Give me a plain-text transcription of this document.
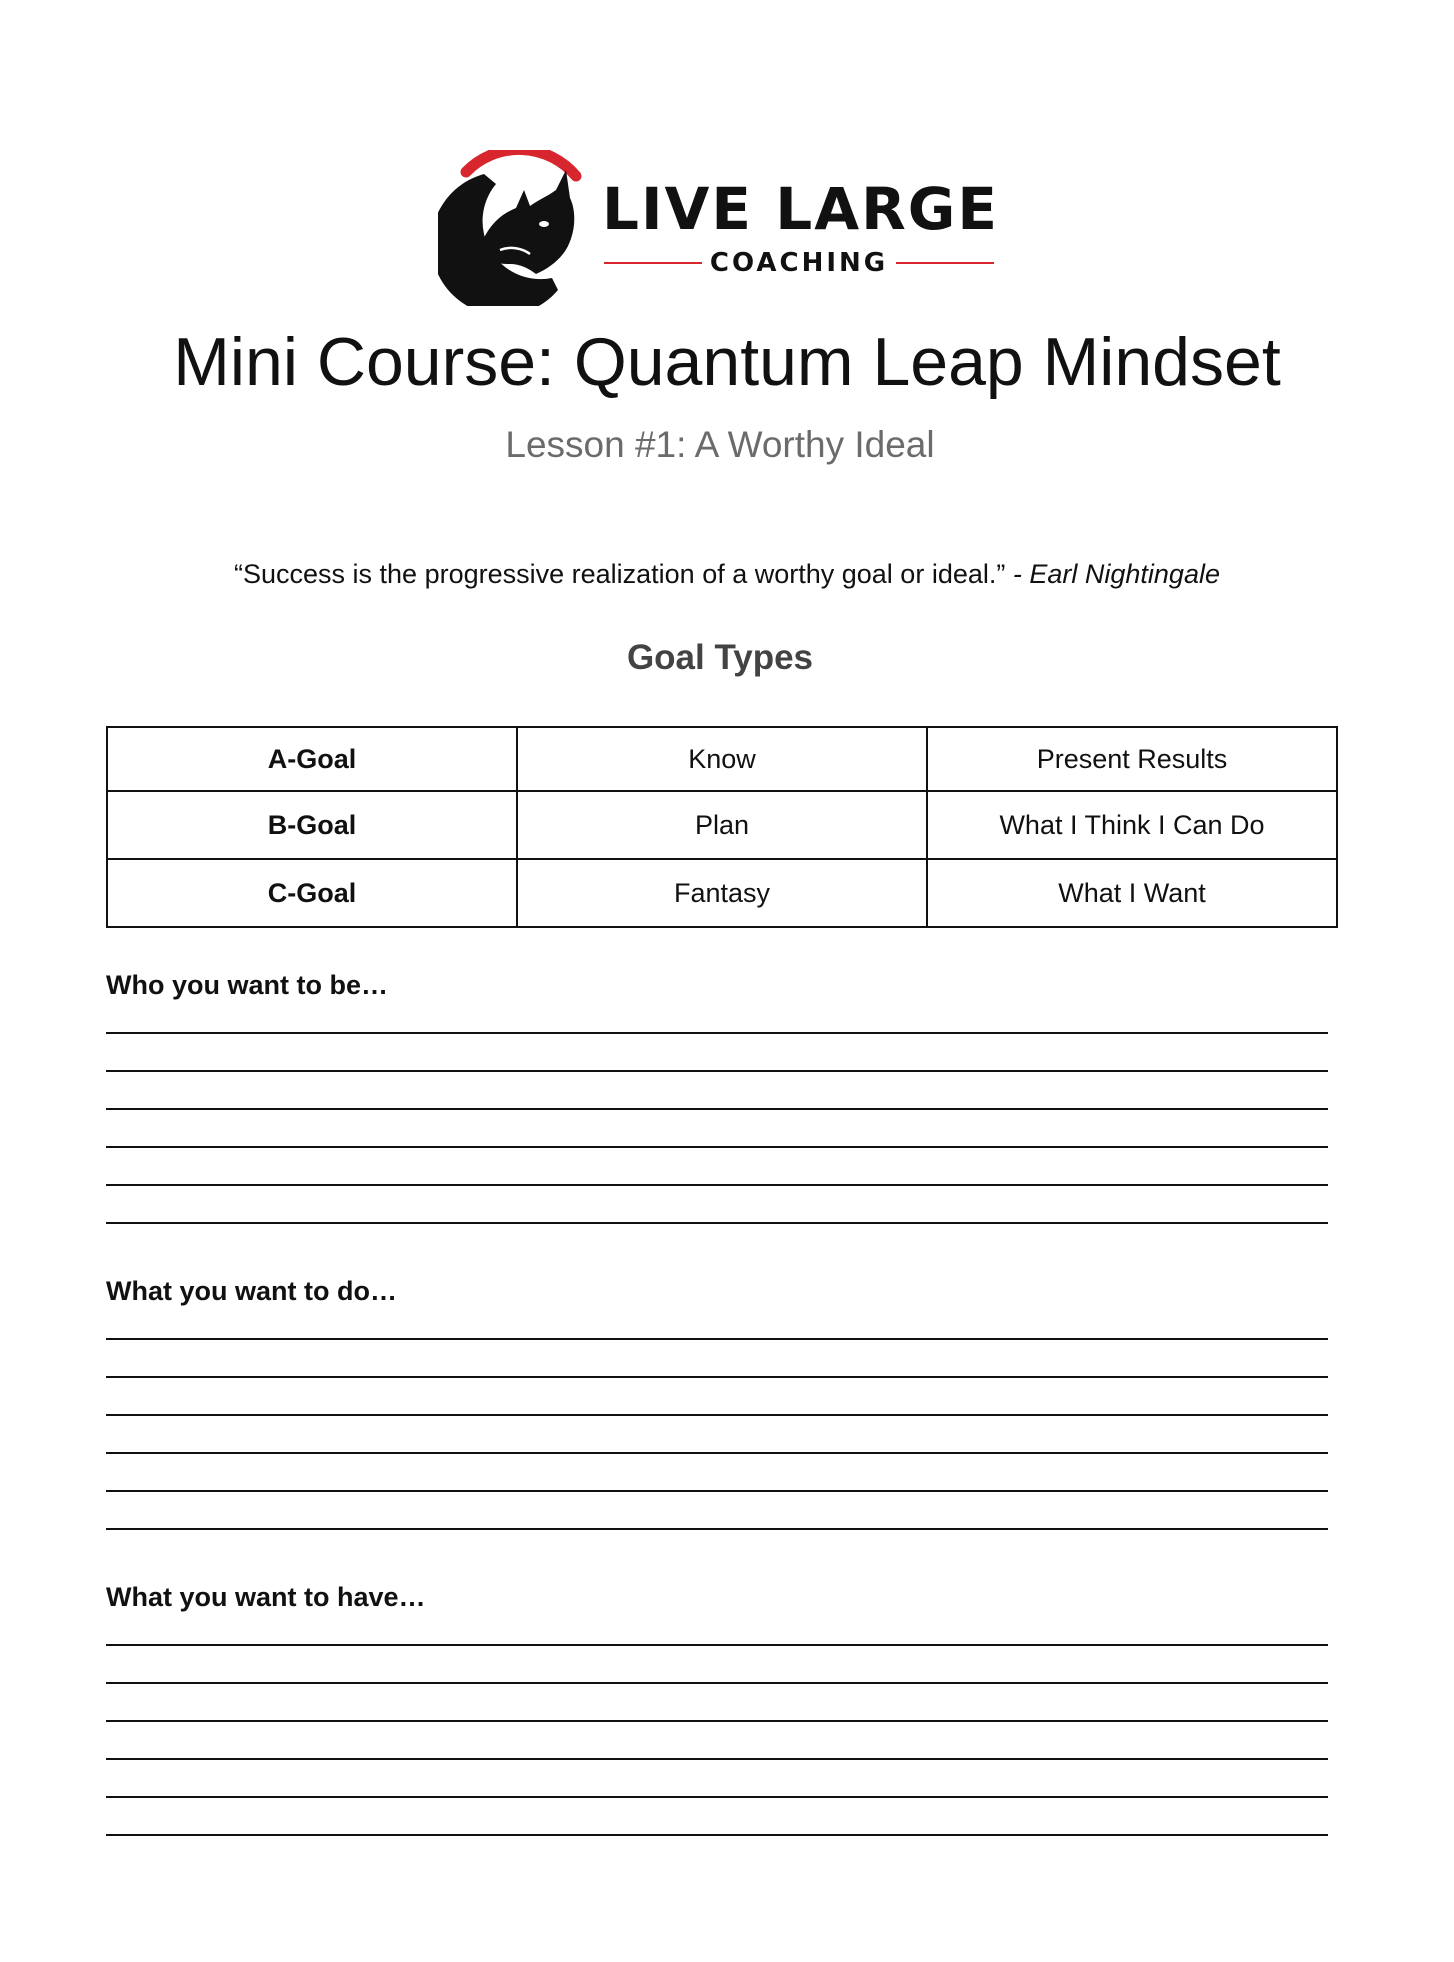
LIVE LARGE
COACHING
Mini Course: Quantum Leap Mindset
Lesson #1: A Worthy Ideal
“Success is the progressive realization of a worthy goal or ideal.” - Earl Nightingale
Goal Types
A-Goal	Know	Present Results
B-Goal	Plan	What I Think I Can Do
C-Goal	Fantasy	What I Want
Who you want to be…
What you want to do…
What you want to have…
